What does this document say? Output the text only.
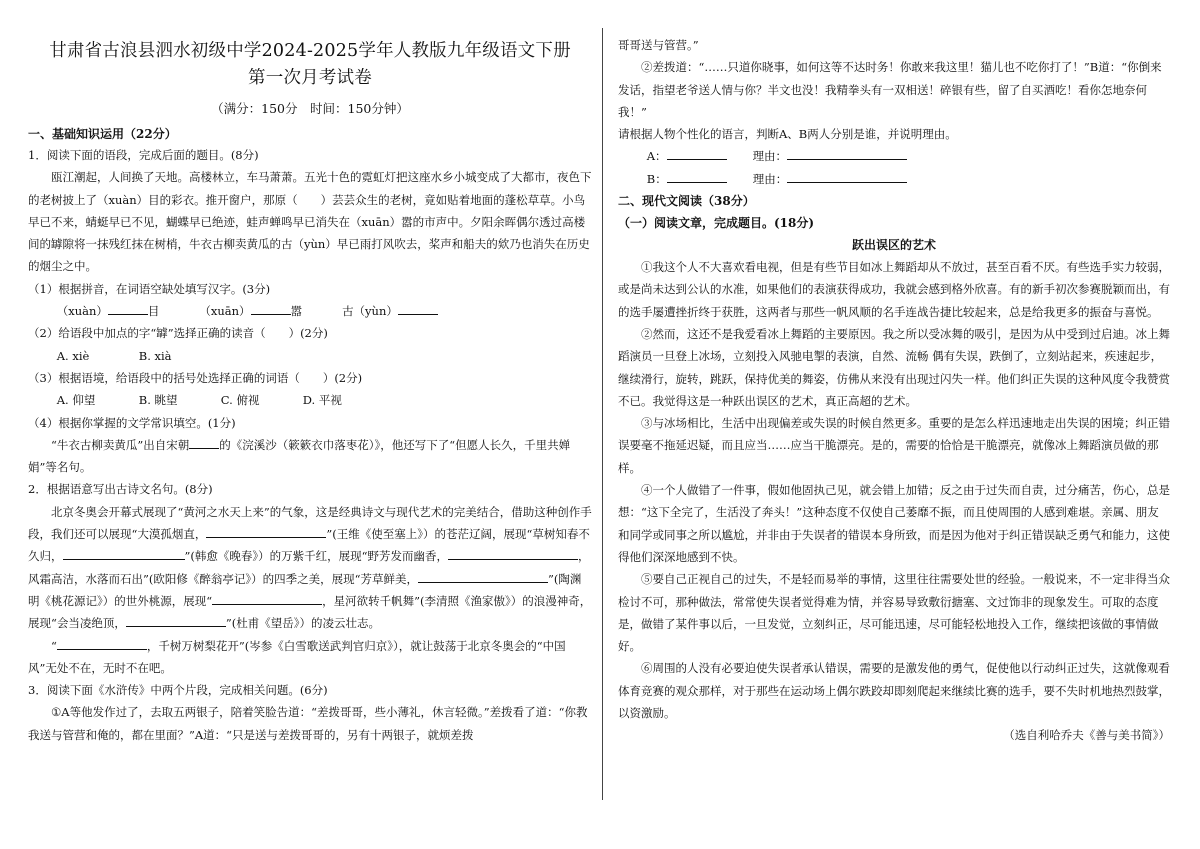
甘肃省古浪县泗水初级中学2024-2025学年人教版九年级语文下册
第一次月考试卷
（满分：150分　时间：150分钟）
一、基础知识运用（22分）

1．阅读下面的语段，完成后面的题目。(8分)

瓯江潮起，人间换了天地。高楼林立，车马萧萧。五光十色的霓虹灯把这座水乡小城变成了大都市，夜色下的老树披上了（xuàn）目的彩衣。推开窗户，那原（　　）芸芸众生的老树，竟如贴着地面的蓬松草草。小鸟早已不来，蜻蜓早已不见，蝴蝶早已绝迹，蛙声蝉鸣早已消失在（xuān）嚣的市声中。夕阳余晖偶尔透过高楼间的罅隙将一抹残红抹在树梢，牛衣古柳卖黄瓜的古（yùn）早已雨打风吹去，桨声和船夫的欸乃也消失在历史的烟尘之中。

（1）根据拼音，在词语空缺处填写汉字。(3分)

（xuàn）	目	（xuān）	嚣	古（yùn）

（2）给语段中加点的字“罅”选择正确的读音（　　）(2分)

A. xiè	B. xià

（3）根据语境，给语段中的括号处选择正确的词语（　　）(2分)

A. 仰望	B. 眺望	C. 俯视	D. 平视

（4）根据你掌握的文学常识填空。(1分)

“牛衣古柳卖黄瓜”出自宋朝	的《浣溪沙（簌簌衣巾落枣花）》，他还写下了“但愿人长久，千里共婵娟”等名句。

2．根据语意写出古诗文名句。(8分)

北京冬奥会开幕式展现了“黄河之水天上来”的气象，这是经典诗文与现代艺术的完美结合，借助这种创作手段，我们还可以展现“大漠孤烟直，	”(王维《使至塞上》）的苍茫辽阔，展现“草树知春不久归，	”(韩愈《晚春》）的万紫千红，展现“野芳发而幽香，	，风霜高洁，水落而石出”(欧阳修《醉翁亭记》）的四季之美，展现“芳草鲜美，	”(陶渊明《桃花源记》）的世外桃源，展现“	，星河欲转千帆舞”(李清照《渔家傲》）的浪漫神奇，展现“会当凌绝顶，	”(杜甫《望岳》）的凌云壮志。

“	，千树万树梨花开”(岑参《白雪歌送武判官归京》），就让鼓荡于北京冬奥会的“中国风”无处不在，无时不在吧。

3．阅读下面《水浒传》中两个片段，完成相关问题。(6分)

①A等他发作过了，去取五两银子，陪着笑脸告道：“差拨哥哥，些小薄礼，休言轻微。”差拨看了道：“你教我送与管营和俺的，都在里面？”A道：“只是送与差拨哥哥的，另有十两银子，就烦差拨

哥哥送与管营。”

②差拨道：“……只道你晓事，如何这等不达时务！你敢来我这里！猫儿也不吃你打了！”B道：“你倒来发话，指望老爷送人情与你？半文也没！我精拳头有一双相送！碎银有些，留了自买酒吃！看你怎地奈何我！”

请根据人物个性化的语言，判断A、B两人分别是谁，并说明理由。

A：	理由：

B：	理由：

二、现代文阅读（38分）
（一）阅读文章，完成题目。(18分)
跃出误区的艺术

①我这个人不大喜欢看电视，但是有些节目如冰上舞蹈却从不放过，甚至百看不厌。有些选手实力较弱，或是尚未达到公认的水准，如果他们的表演获得成功，我就会感到格外欣喜。有的新手初次参赛脱颖而出，有的选手屡遭挫折终于获胜，这两者与那些一帆风顺的名手连战告捷比较起来，总是给我更多的振奋与喜悦。

②然而，这还不是我爱看冰上舞蹈的主要原因。我之所以受冰舞的吸引，是因为从中受到过启迪。冰上舞蹈演员一旦登上冰场，立刻投入风驰电掣的表演，自然、流畅 偶有失误，跌倒了，立刻站起来，疾速起步，继续滑行，旋转，跳跃，保持优美的舞姿，仿佛从来没有出现过闪失一样。他们纠正失误的这种风度令我赞赏不已。我觉得这是一种跃出误区的艺术，真正高超的艺术。

③与冰场相比，生活中出现偏差或失误的时候自然更多。重要的是怎么样迅速地走出失误的困境；纠正错误要毫不拖延迟疑，而且应当……应当干脆漂亮。是的，需要的恰恰是干脆漂亮，就像冰上舞蹈演员做的那样。

④一个人做错了一件事，假如他固执己见，就会错上加错；反之由于过失而自责，过分痛苦，伤心，总是想：“这下全完了，生活没了奔头！”这种态度不仅使自己萎靡不振，而且使周围的人感到难堪。亲属、朋友和同学或同事之所以尴尬，并非由于失误者的错误本身所致，而是因为他对于纠正错误缺乏勇气和能力，这使得他们深深地感到不快。

⑤要自己正视自己的过失，不是轻而易举的事情，这里往往需要处世的经验。一般说来，不一定非得当众检讨不可，那种做法，常常使失误者觉得难为情，并容易导致敷衍搪塞、文过饰非的现象发生。可取的态度是，做错了某件事以后，一旦发觉，立刻纠正，尽可能迅速，尽可能轻松地投入工作，继续把该做的事情做好。

⑥周围的人没有必要迫使失误者承认错误，需要的是激发他的勇气，促使他以行动纠正过失，这就像观看体育竞赛的观众那样，对于那些在运动场上偶尔跌跤却即刻爬起来继续比赛的选手，要不失时机地热烈鼓掌，以资激励。

（选自利哈乔夫《善与美书简》）
